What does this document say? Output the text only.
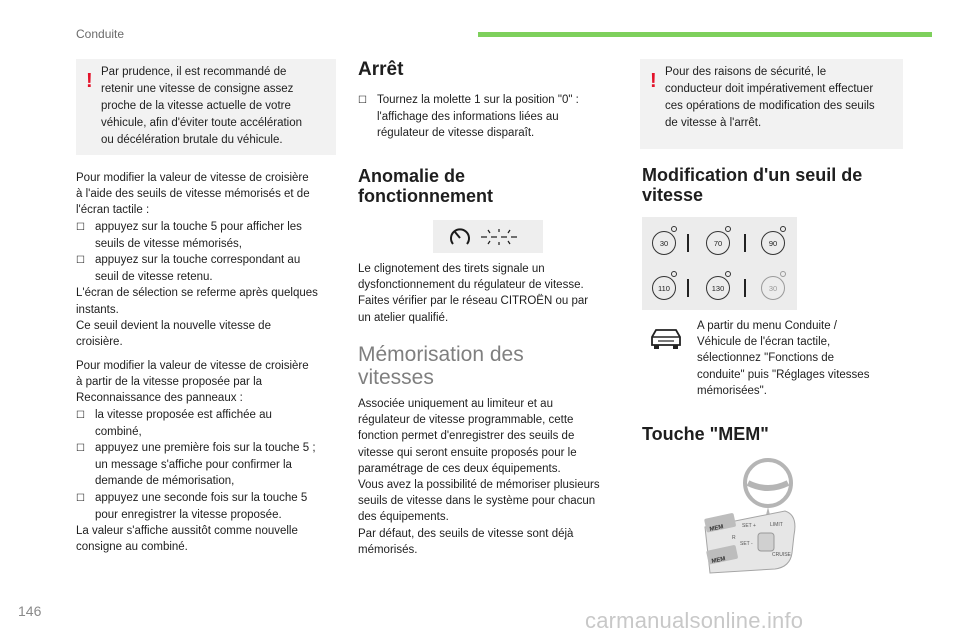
Conduite
! Par prudence, il est recommandé de
retenir une vitesse de consigne assez
proche de la vitesse actuelle de votre
véhicule, afin d'éviter toute accélération
ou décélération brutale du véhicule.
Pour modifier la valeur de vitesse de croisière
à l'aide des seuils de vitesse mémorisés et de
l'écran tactile :
☐ appuyez sur la touche 5 pour afficher les
seuils de vitesse mémorisés,
☐ appuyez sur la touche correspondant au
seuil de vitesse retenu.
L'écran de sélection se referme après quelques
instants.
Ce seuil devient la nouvelle vitesse de
croisière.
Pour modifier la valeur de vitesse de croisière
à partir de la vitesse proposée par la
Reconnaissance des panneaux :
☐ la vitesse proposée est affichée au
combiné,
☐ appuyez une première fois sur la touche 5 ;
un message s'affiche pour confirmer la
demande de mémorisation,
☐ appuyez une seconde fois sur la touche 5
pour enregistrer la vitesse proposée.
La valeur s'affiche aussitôt comme nouvelle
consigne au combiné.
Arrêt
☐ Tournez la molette 1 sur la position "0" :
l'affichage des informations liées au
régulateur de vitesse disparaît.
Anomalie de
fonctionnement
Le clignotement des tirets signale un
dysfonctionnement du régulateur de vitesse.
Faites vérifier par le réseau CITROËN ou par
un atelier qualifié.
Mémorisation des
vitesses
Associée uniquement au limiteur et au
régulateur de vitesse programmable, cette
fonction permet d'enregistrer des seuils de
vitesse qui seront ensuite proposés pour le
paramétrage de ces deux équipements.
Vous avez la possibilité de mémoriser plusieurs
seuils de vitesse dans le système pour chacun
des équipements.
Par défaut, des seuils de vitesse sont déjà
mémorisés.
! Pour des raisons de sécurité, le
conducteur doit impérativement effectuer
ces opérations de modification des seuils
de vitesse à l'arrêt.
Modification d'un seuil de
vitesse
30	70	90
110	130	30
A partir du menu Conduite /
Véhicule de l'écran tactile,
sélectionnez "Fonctions de
conduite" puis "Réglages vitesses
mémorisées".
Touche "MEM"
MEM
MEM
SET +
SET -
CRUISE
LIMIT
R
146	carmanualsonline.info
